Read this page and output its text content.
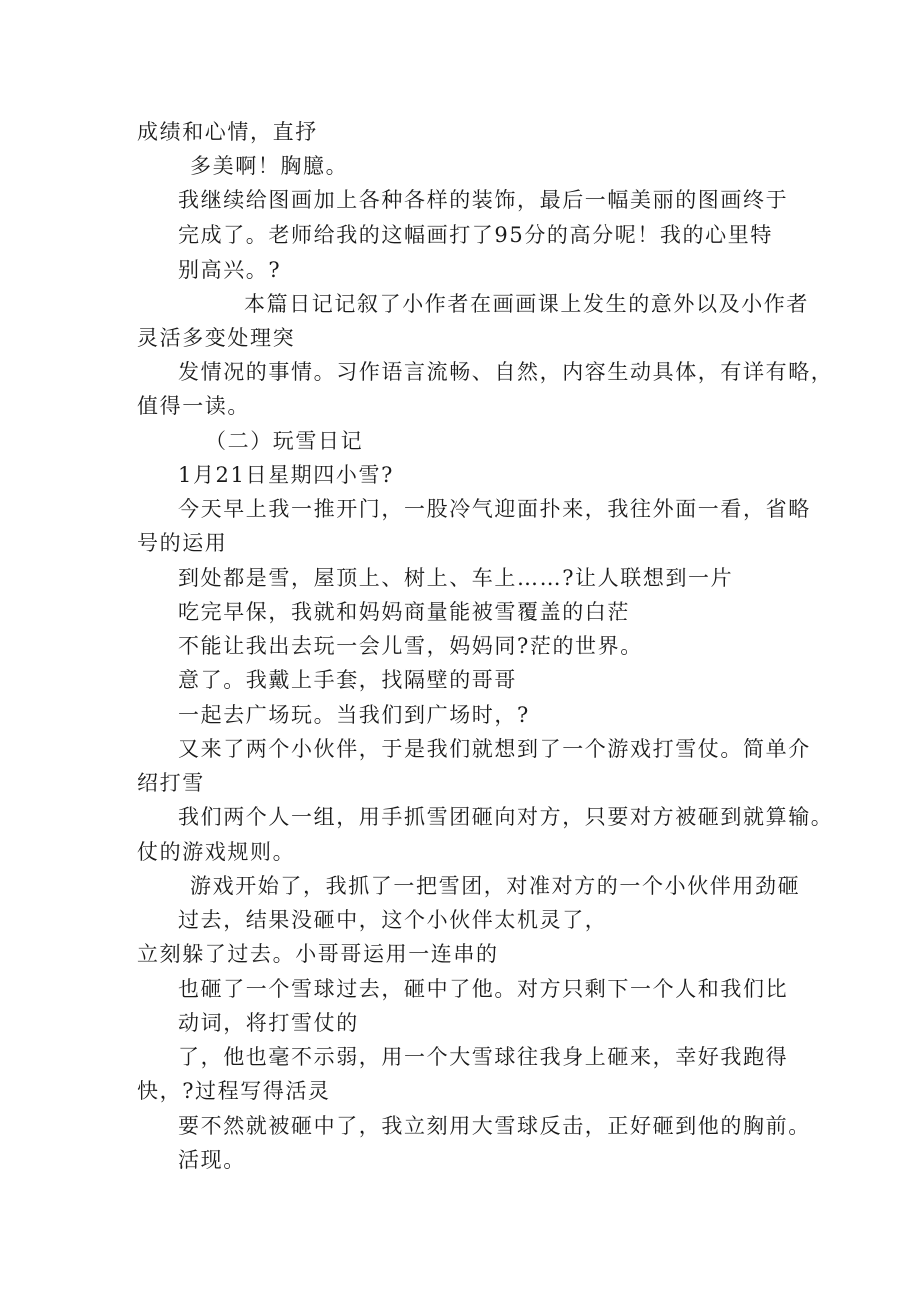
成绩和心情，直抒
多美啊！胸臆。
我继续给图画加上各种各样的装饰，最后一幅美丽的图画终于
完成了。老师给我的这幅画打了95分的高分呢！我的心里特
别高兴。?
本篇日记记叙了小作者在画画课上发生的意外以及小作者
灵活多变处理突
发情况的事情。习作语言流畅、自然，内容生动具体，有详有略，
值得一读。
（二）玩雪日记
1月21日星期四小雪?
今天早上我一推开门，一股冷气迎面扑来，我往外面一看，省略
号的运用
到处都是雪，屋顶上、树上、车上……?让人联想到一片
吃完早保，我就和妈妈商量能被雪覆盖的白茫
不能让我出去玩一会儿雪，妈妈同?茫的世界。
意了。我戴上手套，找隔壁的哥哥
一起去广场玩。当我们到广场时，?
又来了两个小伙伴，于是我们就想到了一个游戏打雪仗。简单介
绍打雪
我们两个人一组，用手抓雪团砸向对方，只要对方被砸到就算输。
仗的游戏规则。
游戏开始了，我抓了一把雪团，对准对方的一个小伙伴用劲砸
过去，结果没砸中，这个小伙伴太机灵了，
立刻躲了过去。小哥哥运用一连串的
也砸了一个雪球过去，砸中了他。对方只剩下一个人和我们比
动词，将打雪仗的
了，他也毫不示弱，用一个大雪球往我身上砸来，幸好我跑得
快，?过程写得活灵
要不然就被砸中了，我立刻用大雪球反击，正好砸到他的胸前。
活现。
